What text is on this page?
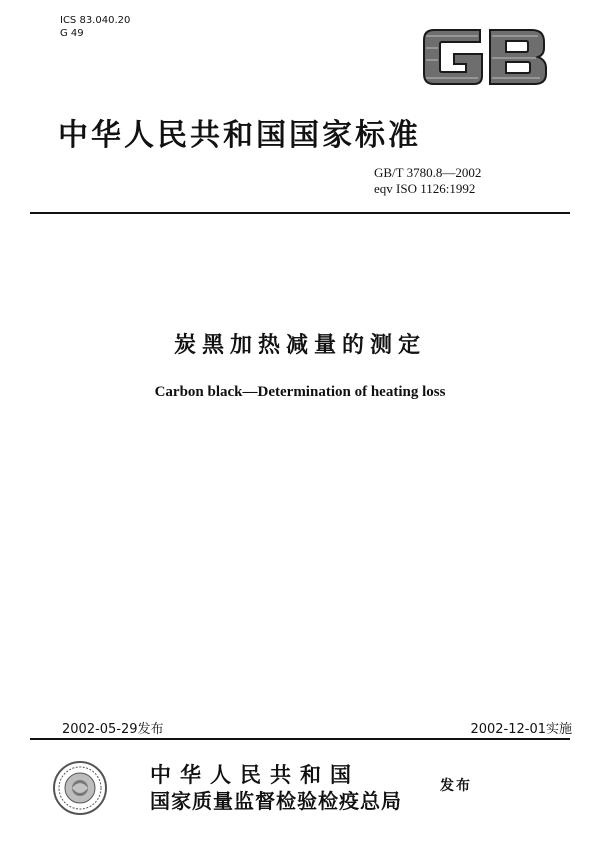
ICS 83.040.20
G 49
中华人民共和国国家标准
GB/T 3780.8—2002
eqv ISO 1126:1992
炭黑加热减量的测定
Carbon black—Determination of heating loss
2002-05-29发布	2002-12-01实施
中华人民共和国
国家质量监督检验检疫总局
发布
